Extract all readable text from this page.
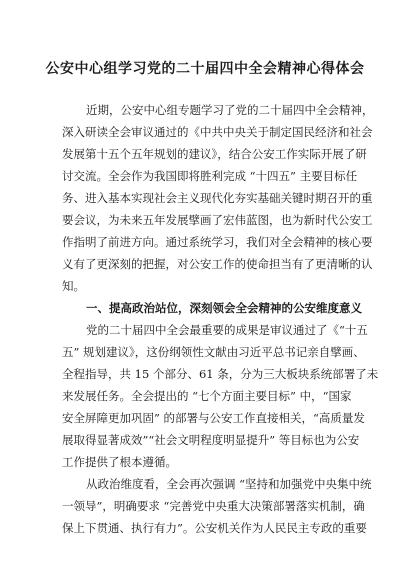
公安中心组学习党的二十届四中全会精神心得体会
近期，公安中心组专题学习了党的二十届四中全会精神，
深入研读全会审议通过的《中共中央关于制定国民经济和社会
发展第十五个五年规划的建议》，结合公安工作实际开展了研
讨交流。全会作为我国即将胜利完成 “十四五” 主要目标任
务、进入基本实现社会主义现代化夯实基础关键时期召开的重
要会议，为未来五年发展擘画了宏伟蓝图，也为新时代公安工
作指明了前进方向。通过系统学习，我们对全会精神的核心要
义有了更深刻的把握，对公安工作的使命担当有了更清晰的认
知。
一、提高政治站位，深刻领会全会精神的公安维度意义
党的二十届四中全会最重要的成果是审议通过了《“十五
五” 规划建议》，这份纲领性文献由习近平总书记亲自擘画、
全程指导，共 15 个部分、61 条，分为三大板块系统部署了未
来发展任务。全会提出的 “七个方面主要目标” 中，“国家
安全屏障更加巩固” 的部署与公安工作直接相关，“高质量发
展取得显著成效”“社会文明程度明显提升” 等目标也为公安
工作提供了根本遵循。
从政治维度看，全会再次强调 “坚持和加强党中央集中统
一领导”，明确要求 “完善党中央重大决策部署落实机制，确
保上下贯通、执行有力”。公安机关作为人民民主专政的重要
